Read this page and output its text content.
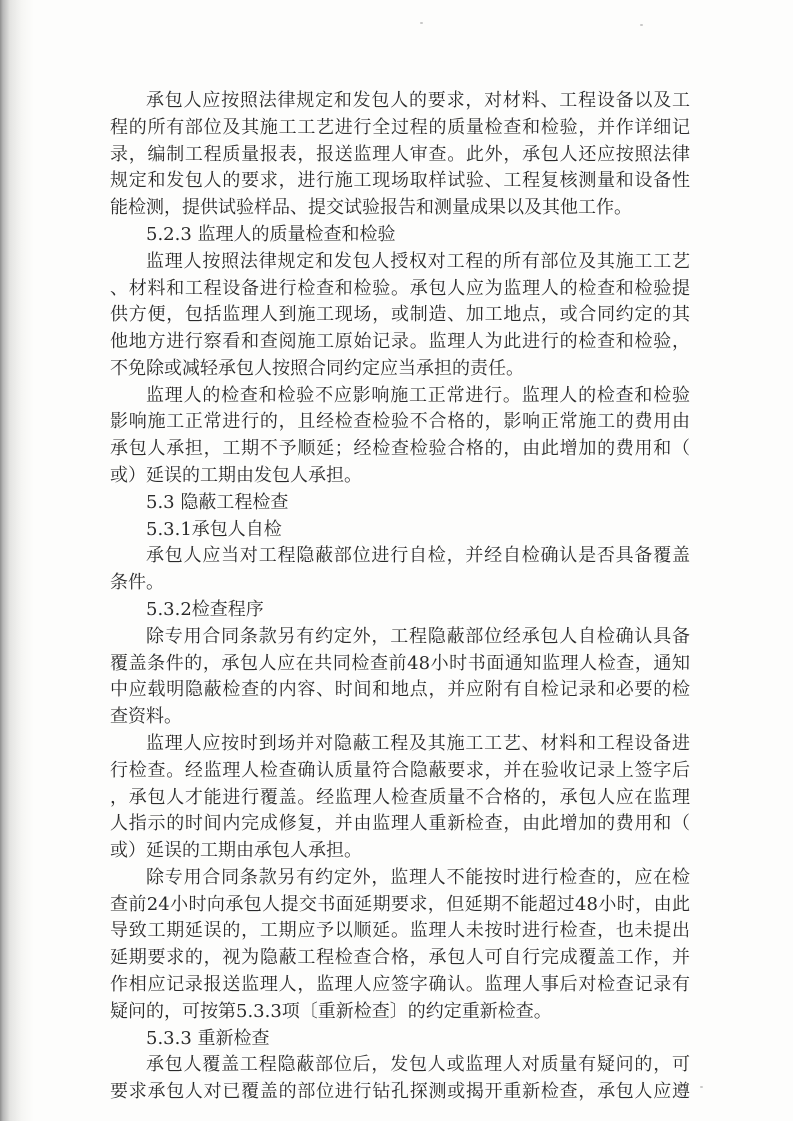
承包人应按照法律规定和发包人的要求，对材料、工程设备以及工

程的所有部位及其施工工艺进行全过程的质量检查和检验，并作详细记

录，编制工程质量报表，报送监理人审查。此外，承包人还应按照法律

规定和发包人的要求，进行施工现场取样试验、工程复核测量和设备性

能检测，提供试验样品、提交试验报告和测量成果以及其他工作。

5.2.3 监理人的质量检查和检验

监理人按照法律规定和发包人授权对工程的所有部位及其施工工艺

、材料和工程设备进行检查和检验。承包人应为监理人的检查和检验提

供方便，包括监理人到施工现场，或制造、加工地点，或合同约定的其

他地方进行察看和查阅施工原始记录。监理人为此进行的检查和检验，

不免除或减轻承包人按照合同约定应当承担的责任。

监理人的检查和检验不应影响施工正常进行。监理人的检查和检验

影响施工正常进行的，且经检查检验不合格的，影响正常施工的费用由

承包人承担，工期不予顺延；经检查检验合格的，由此增加的费用和（

或）延误的工期由发包人承担。

5.3 隐蔽工程检查

5.3.1承包人自检

承包人应当对工程隐蔽部位进行自检，并经自检确认是否具备覆盖

条件。

5.3.2检查程序

除专用合同条款另有约定外，工程隐蔽部位经承包人自检确认具备

覆盖条件的，承包人应在共同检查前48小时书面通知监理人检查，通知

中应载明隐蔽检查的内容、时间和地点，并应附有自检记录和必要的检

查资料。

监理人应按时到场并对隐蔽工程及其施工工艺、材料和工程设备进

行检查。经监理人检查确认质量符合隐蔽要求，并在验收记录上签字后

，承包人才能进行覆盖。经监理人检查质量不合格的，承包人应在监理

人指示的时间内完成修复，并由监理人重新检查，由此增加的费用和（

或）延误的工期由承包人承担。

除专用合同条款另有约定外，监理人不能按时进行检查的，应在检

查前24小时向承包人提交书面延期要求，但延期不能超过48小时，由此

导致工期延误的，工期应予以顺延。监理人未按时进行检查，也未提出

延期要求的，视为隐蔽工程检查合格，承包人可自行完成覆盖工作，并

作相应记录报送监理人，监理人应签字确认。监理人事后对检查记录有

疑问的，可按第5.3.3项〔重新检查〕的约定重新检查。

5.3.3 重新检查

承包人覆盖工程隐蔽部位后，发包人或监理人对质量有疑问的，可

要求承包人对已覆盖的部位进行钻孔探测或揭开重新检查，承包人应遵
